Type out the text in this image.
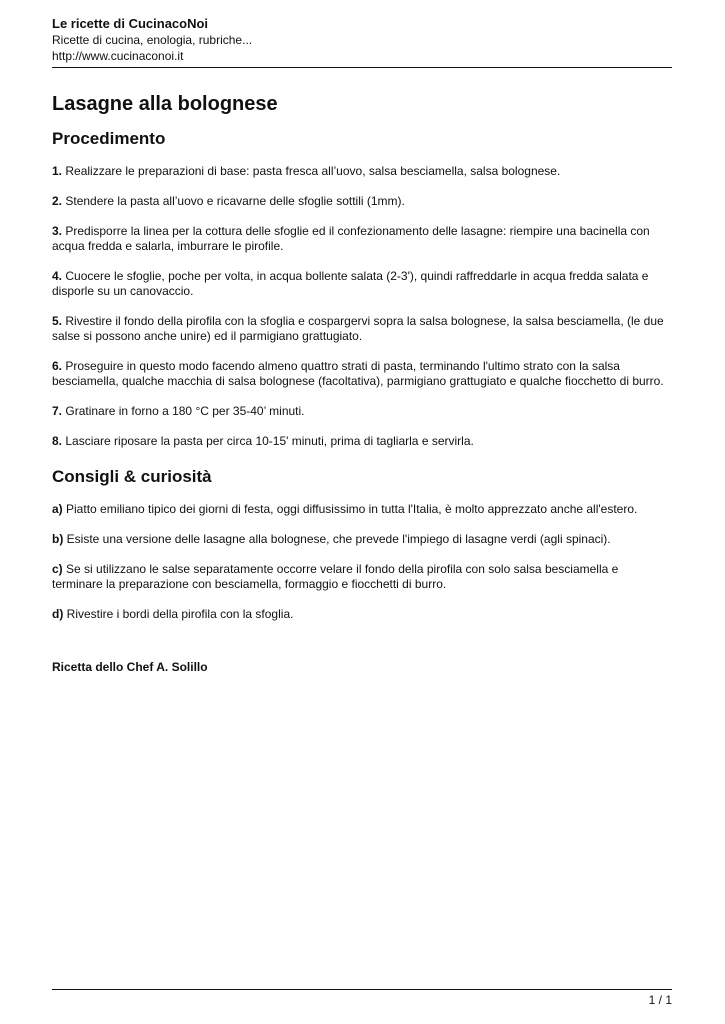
Le ricette di CucinacoNoi

Ricette di cucina, enologia, rubriche...

http://www.cucinaconoi.it

Lasagne alla bolognese
Procedimento

1. Realizzare le preparazioni di base: pasta fresca all’uovo, salsa besciamella, salsa bolognese.

2. Stendere la pasta all’uovo e ricavarne delle sfoglie sottili (1mm).

3. Predisporre la linea per la cottura delle sfoglie ed il confezionamento delle lasagne: riempire una bacinella con acqua fredda e salarla, imburrare le pirofile.

4. Cuocere le sfoglie, poche per volta, in acqua bollente salata (2-3'), quindi raffreddarle in acqua fredda salata e disporle su un canovaccio.

5. Rivestire il fondo della pirofila con la sfoglia e cospargervi sopra la salsa bolognese, la salsa besciamella, (le due salse si possono anche unire) ed il parmigiano grattugiato.

6. Proseguire in questo modo facendo almeno quattro strati di pasta, terminando l'ultimo strato con la salsa besciamella, qualche macchia di salsa bolognese (facoltativa), parmigiano grattugiato e qualche fiocchetto di burro.

7. Gratinare in forno a 180 °C per 35-40’ minuti.

8. Lasciare riposare la pasta per circa 10-15' minuti, prima di tagliarla e servirla.

Consigli & curiosità

a) Piatto emiliano tipico dei giorni di festa, oggi diffusissimo in tutta l'Italia, è molto apprezzato anche all'estero.

b) Esiste una versione delle lasagne alla bolognese, che prevede l'impiego di lasagne verdi (agli spinaci).

c) Se si utilizzano le salse separatamente occorre velare il fondo della pirofila con solo salsa besciamella e terminare la preparazione con besciamella, formaggio e fiocchetti di burro.

d) Rivestire i bordi della pirofila con la sfoglia.

Ricetta dello Chef A. Solillo

1 / 1
